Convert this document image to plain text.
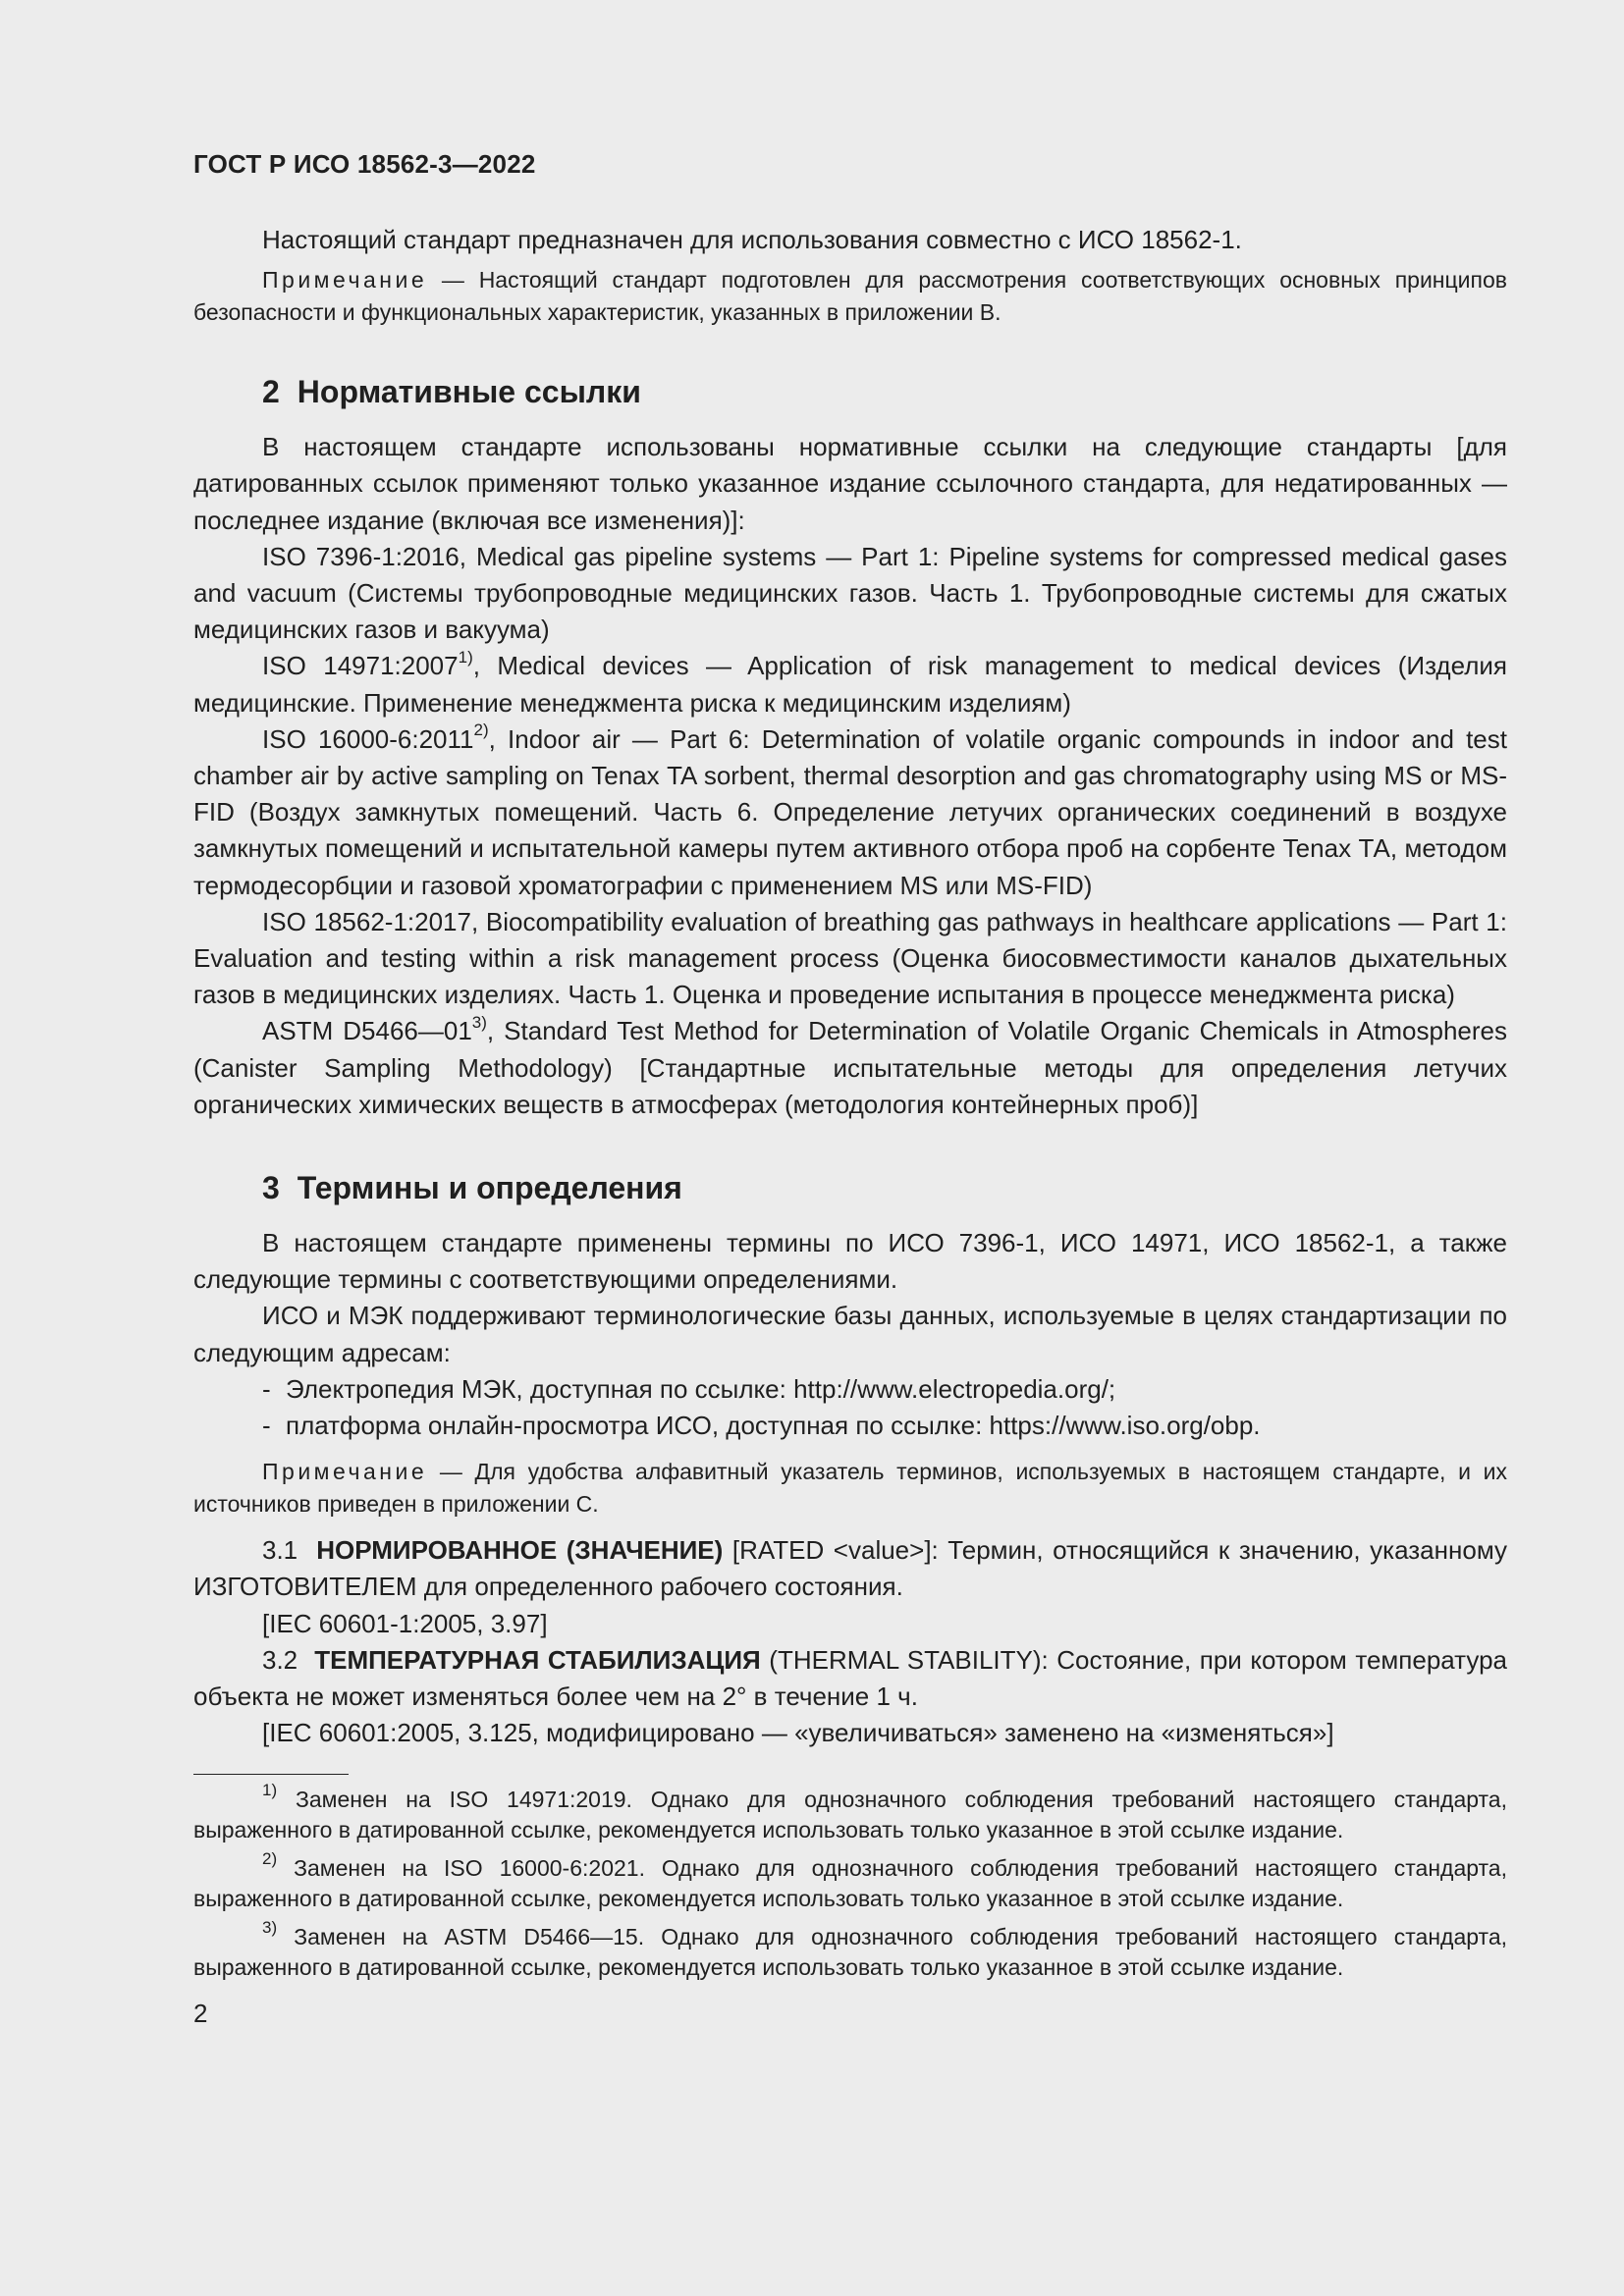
ГОСТ Р ИСО 18562-3—2022

Настоящий стандарт предназначен для использования совместно с ИСО 18562-1.

Примечание — Настоящий стандарт подготовлен для рассмотрения соответствующих основных принципов безопасности и функциональных характеристик, указанных в приложении В.

2 Нормативные ссылки

В настоящем стандарте использованы нормативные ссылки на следующие стандарты [для датированных ссылок применяют только указанное издание ссылочного стандарта, для недатированных — последнее издание (включая все изменения)]:

ISO 7396-1:2016, Medical gas pipeline systems — Part 1: Pipeline systems for compressed medical gases and vacuum (Системы трубопроводные медицинских газов. Часть 1. Трубопроводные системы для сжатых медицинских газов и вакуума)

ISO 14971:2007$^{1)}$, Medical devices — Application of risk management to medical devices (Изделия медицинские. Применение менеджмента риска к медицинским изделиям)

ISO 16000-6:2011$^{2)}$, Indoor air — Part 6: Determination of volatile organic compounds in indoor and test chamber air by active sampling on Tenax TA sorbent, thermal desorption and gas chromatography using MS or MS-FID (Воздух замкнутых помещений. Часть 6. Определение летучих органических соединений в воздухе замкнутых помещений и испытательной камеры путем активного отбора проб на сорбенте Tenax ТА, методом термодесорбции и газовой хроматографии с применением MS или MS-FID)

ISO 18562-1:2017, Biocompatibility evaluation of breathing gas pathways in healthcare applications — Part 1: Evaluation and testing within a risk management process (Оценка биосовместимости каналов дыхательных газов в медицинских изделиях. Часть 1. Оценка и проведение испытания в процессе менеджмента риска)

ASTM D5466—01$^{3)}$, Standard Test Method for Determination of Volatile Organic Chemicals in Atmospheres (Canister Sampling Methodology) [Стандартные испытательные методы для определения летучих органических химических веществ в атмосферах (методология контейнерных проб)]

3 Термины и определения

В настоящем стандарте применены термины по ИСО 7396-1, ИСО 14971, ИСО 18562-1, а также следующие термины с соответствующими определениями.

ИСО и МЭК поддерживают терминологические базы данных, используемые в целях стандартизации по следующим адресам:

- Электропедия МЭК, доступная по ссылке: http://www.electropedia.org/;
- платформа онлайн-просмотра ИСО, доступная по ссылке: https://www.iso.org/obp.

Примечание — Для удобства алфавитный указатель терминов, используемых в настоящем стандарте, и их источников приведен в приложении С.

3.1 НОРМИРОВАННОЕ (ЗНАЧЕНИЕ) [RATED <value>]: Термин, относящийся к значению, указанному ИЗГОТОВИТЕЛЕМ для определенного рабочего состояния.

[IEC 60601-1:2005, 3.97]

3.2 ТЕМПЕРАТУРНАЯ СТАБИЛИЗАЦИЯ (THERMAL STABILITY): Состояние, при котором температура объекта не может изменяться более чем на 2° в течение 1 ч.

[IEC 60601:2005, 3.125, модифицировано — «увеличиваться» заменено на «изменяться»]

$^{1)}$ Заменен на ISO 14971:2019. Однако для однозначного соблюдения требований настоящего стандарта, выраженного в датированной ссылке, рекомендуется использовать только указанное в этой ссылке издание.

$^{2)}$ Заменен на ISO 16000-6:2021. Однако для однозначного соблюдения требований настоящего стандарта, выраженного в датированной ссылке, рекомендуется использовать только указанное в этой ссылке издание.

$^{3)}$ Заменен на ASTM D5466—15. Однако для однозначного соблюдения требований настоящего стандарта, выраженного в датированной ссылке, рекомендуется использовать только указанное в этой ссылке издание.

2
